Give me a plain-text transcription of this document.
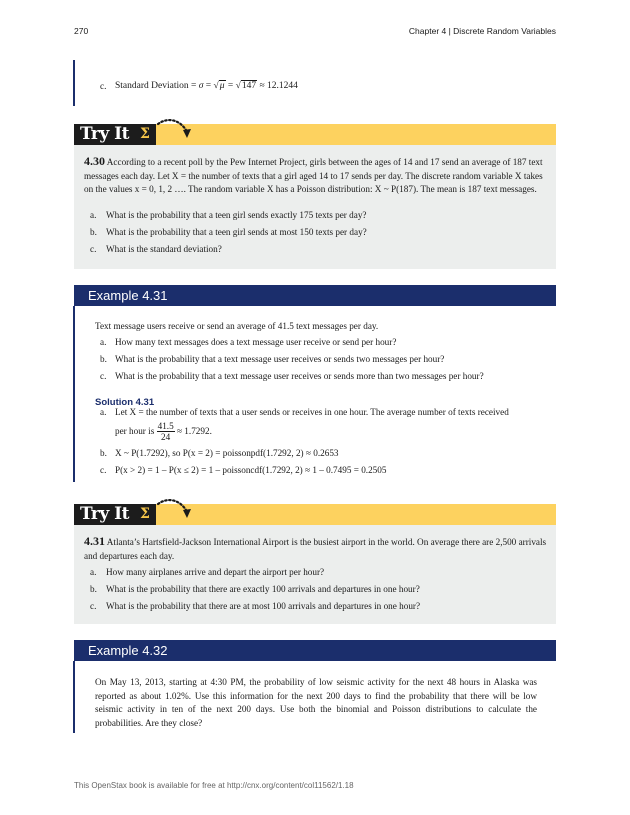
270	Chapter 4 | Discrete Random Variables
c. Standard Deviation = σ = √μ = √147 ≈ 12.1244
Try It Σ

4.30 According to a recent poll by the Pew Internet Project, girls between the ages of 14 and 17 send an average of 187 text messages each day. Let X = the number of texts that a girl aged 14 to 17 sends per day. The discrete random variable X takes on the values x = 0, 1, 2 …. The random variable X has a Poisson distribution: X ~ P(187). The mean is 187 text messages.

a. What is the probability that a teen girl sends exactly 175 texts per day?
b. What is the probability that a teen girl sends at most 150 texts per day?
c. What is the standard deviation?
Example 4.31
Text message users receive or send an average of 41.5 text messages per day.
a. How many text messages does a text message user receive or send per hour?
b. What is the probability that a text message user receives or sends two messages per hour?
c. What is the probability that a text message user receives or sends more than two messages per hour?
Solution 4.31
a. Let X = the number of texts that a user sends or receives in one hour. The average number of texts received
per hour is $\frac{41.5}{24} \approx 1.7292$.
b. X ~ P(1.7292), so P(x = 2) = poissonpdf(1.7292, 2) ≈ 0.2653
c. P(x > 2) = 1 – P(x ≤ 2) = 1 – poissoncdf(1.7292, 2) ≈ 1 – 0.7495 = 0.2505
Try It Σ

4.31 Atlanta’s Hartsfield-Jackson International Airport is the busiest airport in the world. On average there are 2,500 arrivals and departures each day.

a. How many airplanes arrive and depart the airport per hour?
b. What is the probability that there are exactly 100 arrivals and departures in one hour?
c. What is the probability that there are at most 100 arrivals and departures in one hour?
Example 4.32

On May 13, 2013, starting at 4:30 PM, the probability of low seismic activity for the next 48 hours in Alaska was reported as about 1.02%. Use this information for the next 200 days to find the probability that there will be low seismic activity in ten of the next 200 days. Use both the binomial and Poisson distributions to calculate the probabilities. Are they close?

This OpenStax book is available for free at http://cnx.org/content/col11562/1.18
